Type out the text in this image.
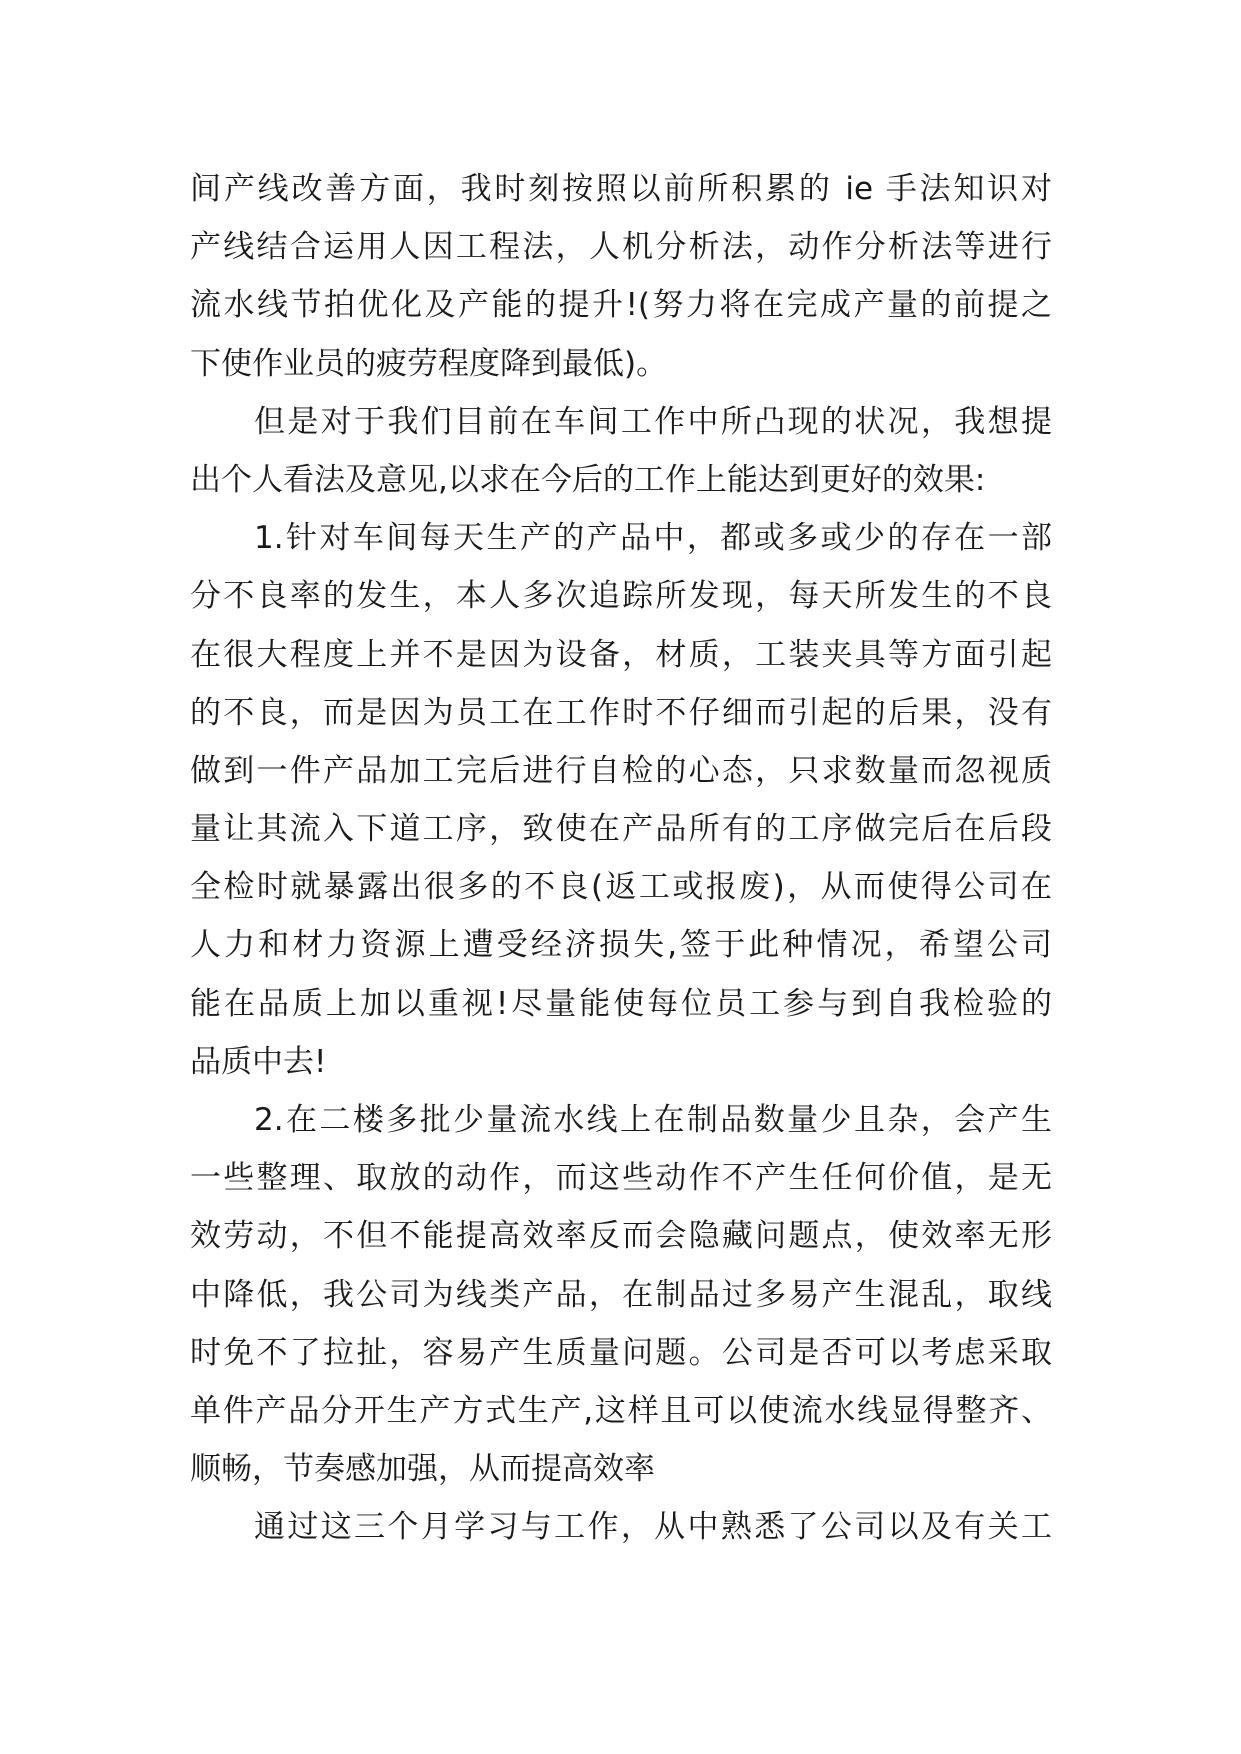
间产线改善方面，我时刻按照以前所积累的 ie 手法知识对
产线结合运用人因工程法，人机分析法，动作分析法等进行
流水线节拍优化及产能的提升!(努力将在完成产量的前提之
下使作业员的疲劳程度降到最低)。
但是对于我们目前在车间工作中所凸现的状况，我想提
出个人看法及意见,以求在今后的工作上能达到更好的效果:
1.针对车间每天生产的产品中，都或多或少的存在一部
分不良率的发生，本人多次追踪所发现，每天所发生的不良
在很大程度上并不是因为设备，材质，工装夹具等方面引起
的不良，而是因为员工在工作时不仔细而引起的后果，没有
做到一件产品加工完后进行自检的心态，只求数量而忽视质
量让其流入下道工序，致使在产品所有的工序做完后在后段
全检时就暴露出很多的不良(返工或报废)，从而使得公司在
人力和材力资源上遭受经济损失,签于此种情况，希望公司
能在品质上加以重视!尽量能使每位员工参与到自我检验的
品质中去!
2.在二楼多批少量流水线上在制品数量少且杂，会产生
一些整理、取放的动作，而这些动作不产生任何价值，是无
效劳动，不但不能提高效率反而会隐藏问题点，使效率无形
中降低，我公司为线类产品，在制品过多易产生混乱，取线
时免不了拉扯，容易产生质量问题。公司是否可以考虑采取
单件产品分开生产方式生产,这样且可以使流水线显得整齐、
顺畅，节奏感加强，从而提高效率
通过这三个月学习与工作，从中熟悉了公司以及有关工
